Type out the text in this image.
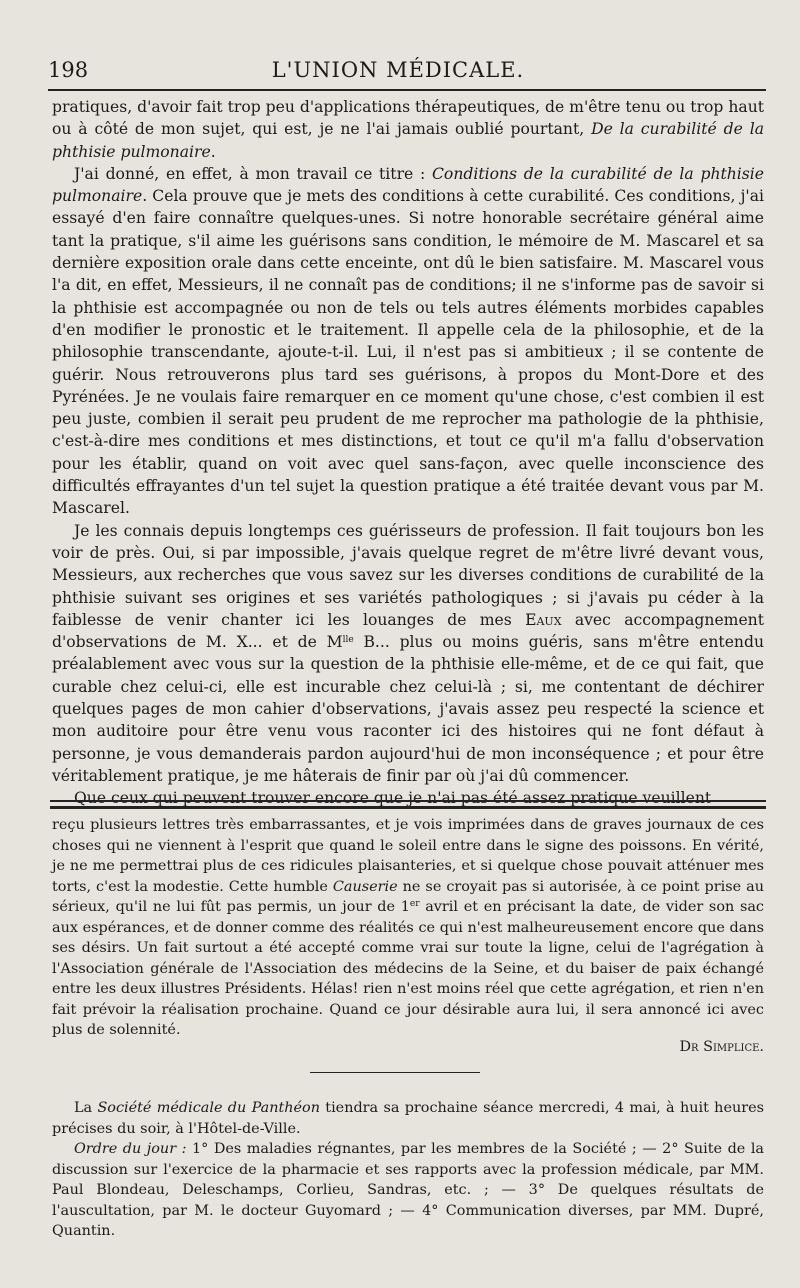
198	L'UNION MÉDICALE.

pratiques, d'avoir fait trop peu d'applications thérapeutiques, de m'être tenu ou trop haut ou à côté de mon sujet, qui est, je ne l'ai jamais oublié pourtant, De la curabilité de la phthisie pulmonaire.

J'ai donné, en effet, à mon travail ce titre : Conditions de la curabilité de la phthisie pulmonaire. Cela prouve que je mets des conditions à cette curabilité. Ces conditions, j'ai essayé d'en faire connaître quelques-unes. Si notre honorable secrétaire général aime tant la pratique, s'il aime les guérisons sans condition, le mémoire de M. Mascarel et sa dernière exposition orale dans cette enceinte, ont dû le bien satisfaire. M. Mascarel vous l'a dit, en effet, Messieurs, il ne connaît pas de conditions; il ne s'informe pas de savoir si la phthisie est accompagnée ou non de tels ou tels autres éléments morbides capables d'en modifier le pronostic et le traitement. Il appelle cela de la philosophie, et de la philosophie transcendante, ajoute-t-il. Lui, il n'est pas si ambitieux ; il se contente de guérir. Nous retrouverons plus tard ses guérisons, à propos du Mont-Dore et des Pyrénées. Je ne voulais faire remarquer en ce moment qu'une chose, c'est combien il est peu juste, combien il serait peu prudent de me reprocher ma pathologie de la phthisie, c'est-à-dire mes conditions et mes distinctions, et tout ce qu'il m'a fallu d'observation pour les établir, quand on voit avec quel sans-façon, avec quelle inconscience des difficultés effrayantes d'un tel sujet la question pratique a été traitée devant vous par M. Mascarel.

Je les connais depuis longtemps ces guérisseurs de profession. Il fait toujours bon les voir de près. Oui, si par impossible, j'avais quelque regret de m'être livré devant vous, Messieurs, aux recherches que vous savez sur les diverses conditions de curabilité de la phthisie suivant ses origines et ses variétés pathologiques ; si j'avais pu céder à la faiblesse de venir chanter ici les louanges de mes Eaux avec accompagnement d'observations de M. X... et de $M^{lle}$ B... plus ou moins guéris, sans m'être entendu préalablement avec vous sur la question de la phthisie elle-même, et de ce qui fait, que curable chez celui-ci, elle est incurable chez celui-là ; si, me contentant de déchirer quelques pages de mon cahier d'observations, j'avais assez peu respecté la science et mon auditoire pour être venu vous raconter ici des histoires qui ne font défaut à personne, je vous demanderais pardon aujourd'hui de mon inconséquence ; et pour être véritablement pratique, je me hâterais de finir par où j'ai dû commencer.

Que ceux qui peuvent trouver encore que je n'ai pas été assez pratique veuillent

reçu plusieurs lettres très embarrassantes, et je vois imprimées dans de graves journaux de ces choses qui ne viennent à l'esprit que quand le soleil entre dans le signe des poissons. En vérité, je ne me permettrai plus de ces ridicules plaisanteries, et si quelque chose pouvait atténuer mes torts, c'est la modestie. Cette humble Causerie ne se croyait pas si autorisée, à ce point prise au sérieux, qu'il ne lui fût pas permis, un jour de 1er avril et en précisant la date, de vider son sac aux espérances, et de donner comme des réalités ce qui n'est malheureusement encore que dans ses désirs. Un fait surtout a été accepté comme vrai sur toute la ligne, celui de l'agrégation à l'Association générale de l'Association des médecins de la Seine, et du baiser de paix échangé entre les deux illustres Présidents. Hélas! rien n'est moins réel que cette agrégation, et rien n'en fait prévoir la réalisation prochaine. Quand ce jour désirable aura lui, il sera annoncé ici avec plus de solennité.

Dr Simplice.

La Société médicale du Panthéon tiendra sa prochaine séance mercredi, 4 mai, à huit heures précises du soir, à l'Hôtel-de-Ville.

Ordre du jour : 1° Des maladies régnantes, par les membres de la Société ; — 2° Suite de la discussion sur l'exercice de la pharmacie et ses rapports avec la profession médicale, par MM. Paul Blondeau, Deleschamps, Corlieu, Sandras, etc. ; — 3° De quelques résultats de l'auscultation, par M. le docteur Guyomard ; — 4° Communication diverses, par MM. Dupré, Quantin.
